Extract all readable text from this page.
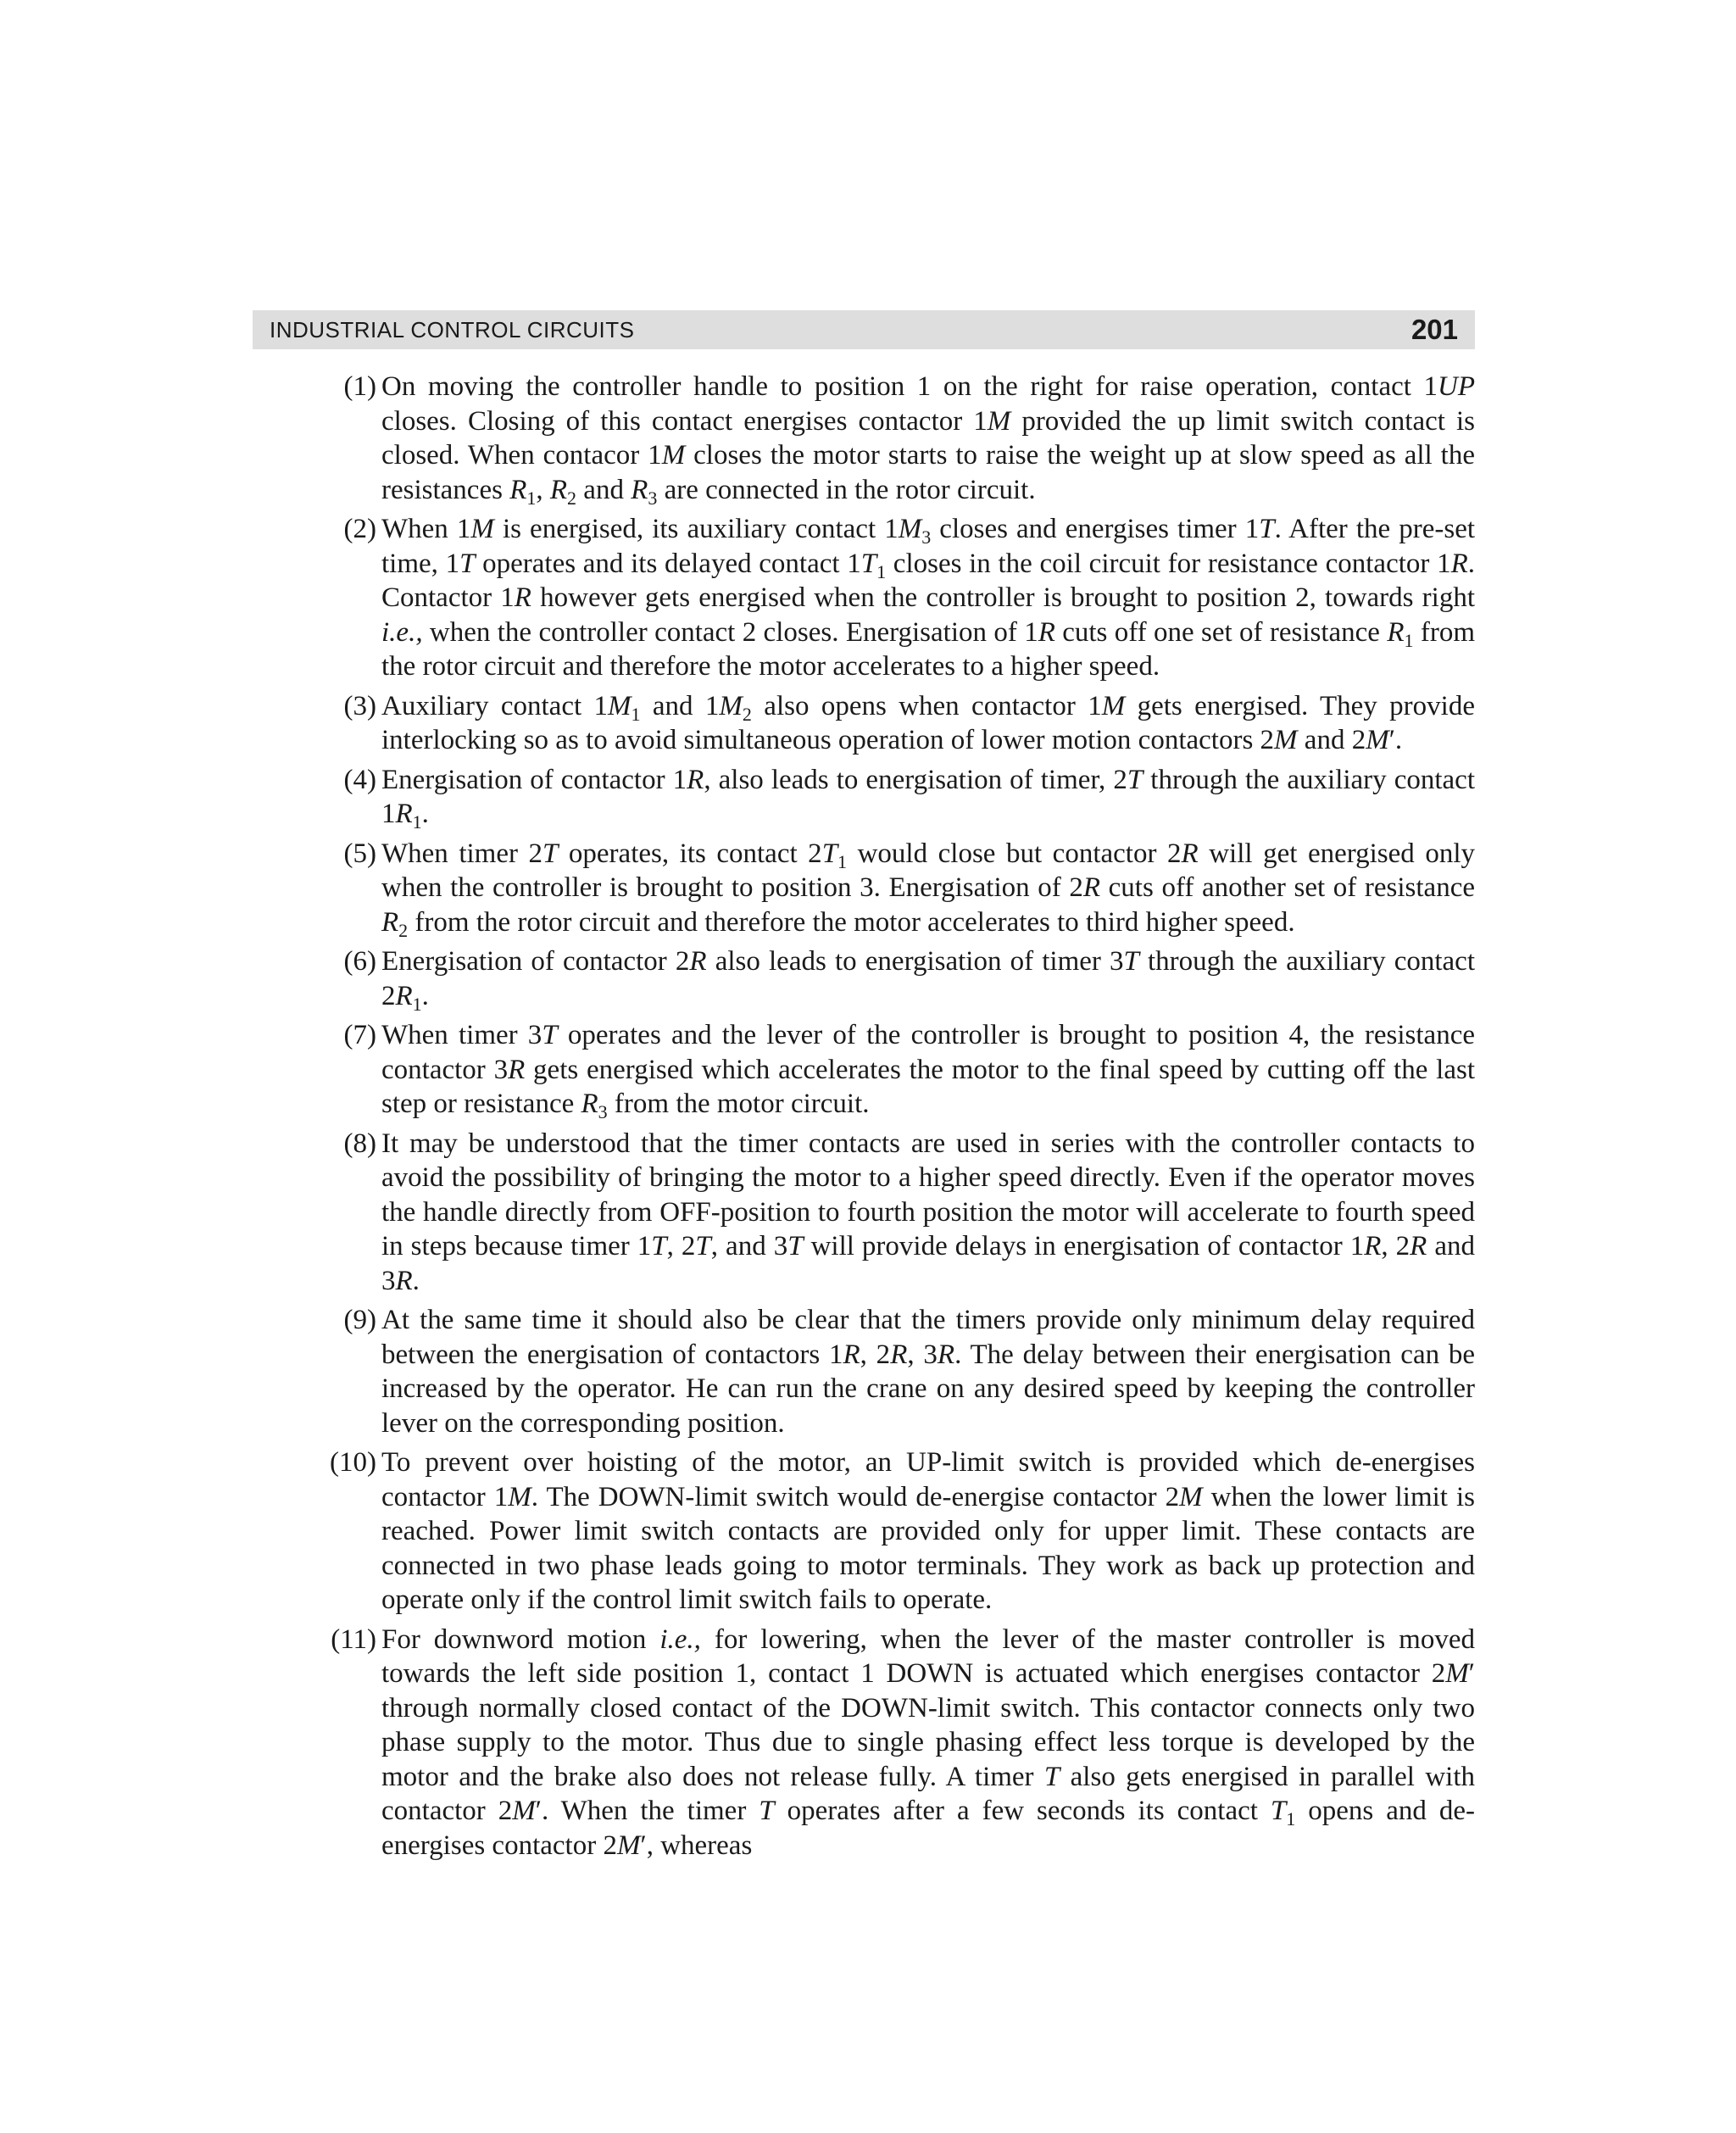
INDUSTRIAL CONTROL CIRCUITS	201
(1) On moving the controller handle to position 1 on the right for raise operation, contact 1UP closes. Closing of this contact energises contactor 1M provided the up limit switch contact is closed. When contacor 1M closes the motor starts to raise the weight up at slow speed as all the resistances $R_1$, $R_2$ and $R_3$ are connected in the rotor circuit.

(2) When 1M is energised, its auxiliary contact $1M_3$ closes and energises timer 1T. After the pre-set time, 1T operates and its delayed contact $1T_1$ closes in the coil circuit for resistance contactor 1R. Contactor 1R however gets energised when the controller is brought to position 2, towards right i.e., when the controller contact 2 closes. Energisation of 1R cuts off one set of resistance $R_1$ from the rotor circuit and therefore the motor accelerates to a higher speed.

(3) Auxiliary contact $1M_1$ and $1M_2$ also opens when contactor 1M gets energised. They provide interlocking so as to avoid simultaneous operation of lower motion contactors 2M and 2M′.

(4) Energisation of contactor 1R, also leads to energisation of timer, 2T through the auxiliary contact $1R_1$.

(5) When timer 2T operates, its contact $2T_1$ would close but contactor 2R will get energised only when the controller is brought to position 3. Energisation of 2R cuts off another set of resistance $R_2$ from the rotor circuit and therefore the motor accelerates to third higher speed.

(6) Energisation of contactor 2R also leads to energisation of timer 3T through the auxiliary contact $2R_1$.

(7) When timer 3T operates and the lever of the controller is brought to position 4, the resistance contactor 3R gets energised which accelerates the motor to the final speed by cutting off the last step or resistance $R_3$ from the motor circuit.

(8) It may be understood that the timer contacts are used in series with the controller contacts to avoid the possibility of bringing the motor to a higher speed directly. Even if the operator moves the handle directly from OFF-position to fourth position the motor will accelerate to fourth speed in steps because timer 1T, 2T, and 3T will provide delays in energisation of contactor 1R, 2R and 3R.

(9) At the same time it should also be clear that the timers provide only minimum delay required between the energisation of contactors 1R, 2R, 3R. The delay between their energisation can be increased by the operator. He can run the crane on any desired speed by keeping the controller lever on the corresponding position.

(10) To prevent over hoisting of the motor, an UP-limit switch is provided which de-energises contactor 1M. The DOWN-limit switch would de-energise contactor 2M when the lower limit is reached. Power limit switch contacts are provided only for upper limit. These contacts are connected in two phase leads going to motor terminals. They work as back up protection and operate only if the control limit switch fails to operate.

(11) For downword motion i.e., for lowering, when the lever of the master controller is moved towards the left side position 1, contact 1 DOWN is actuated which energises contactor 2M′ through normally closed contact of the DOWN-limit switch. This contactor connects only two phase supply to the motor. Thus due to single phasing effect less torque is developed by the motor and the brake also does not release fully. A timer T also gets energised in parallel with contactor 2M′. When the timer T operates after a few seconds its contact $T_1$ opens and de-energises contactor 2M′, whereas
